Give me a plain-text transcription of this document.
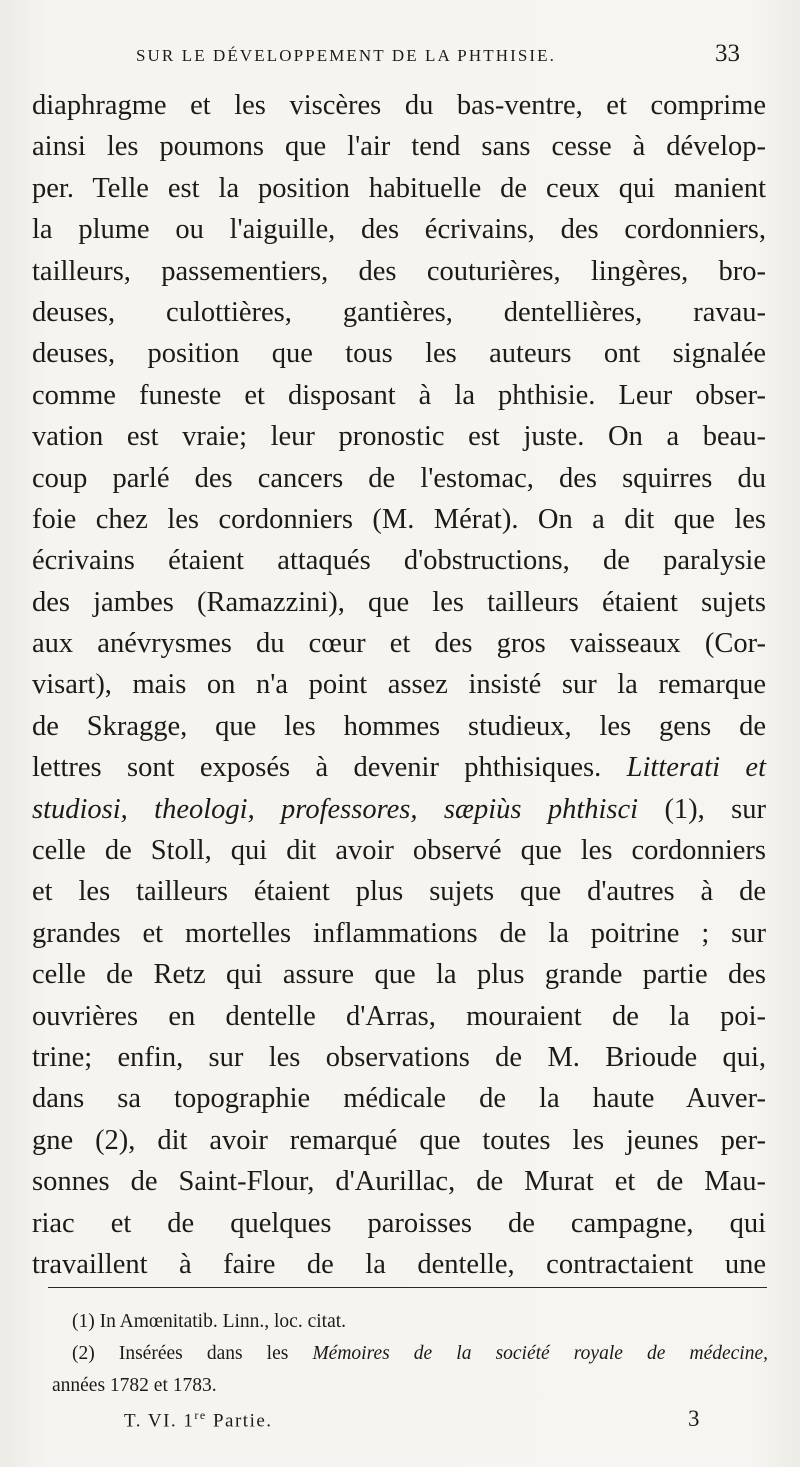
SUR LE DÉVELOPPEMENT DE LA PHTHISIE.	33
diaphragme et les viscères du bas-ventre, et comprime
ainsi les poumons que l'air tend sans cesse à dévelop-
per. Telle est la position habituelle de ceux qui manient
la plume ou l'aiguille, des écrivains, des cordonniers,
tailleurs, passementiers, des couturières, lingères, bro-
deuses, culottières, gantières, dentellières, ravau-
deuses, position que tous les auteurs ont signalée
comme funeste et disposant à la phthisie. Leur obser-
vation est vraie; leur pronostic est juste. On a beau-
coup parlé des cancers de l'estomac, des squirres du
foie chez les cordonniers (M. Mérat). On a dit que les
écrivains étaient attaqués d'obstructions, de paralysie
des jambes (Ramazzini), que les tailleurs étaient sujets
aux anévrysmes du cœur et des gros vaisseaux (Cor-
visart), mais on n'a point assez insisté sur la remarque
de Skragge, que les hommes studieux, les gens de
lettres sont exposés à devenir phthisiques. Litterati et
studiosi, theologi, professores, sæpiùs phthisci (1), sur
celle de Stoll, qui dit avoir observé que les cordonniers
et les tailleurs étaient plus sujets que d'autres à de
grandes et mortelles inflammations de la poitrine ; sur
celle de Retz qui assure que la plus grande partie des
ouvrières en dentelle d'Arras, mouraient de la poi-
trine; enfin, sur les observations de M. Brioude qui,
dans sa topographie médicale de la haute Auver-
gne (2), dit avoir remarqué que toutes les jeunes per-
sonnes de Saint-Flour, d'Aurillac, de Murat et de Mau-
riac et de quelques paroisses de campagne, qui
travaillent à faire de la dentelle, contractaient une
(1) In Amœnitatib. Linn., loc. citat.
(2) Insérées dans les Mémoires de la société royale de médecine,
années 1782 et 1783.
T. VI. 1re Partie.	3
